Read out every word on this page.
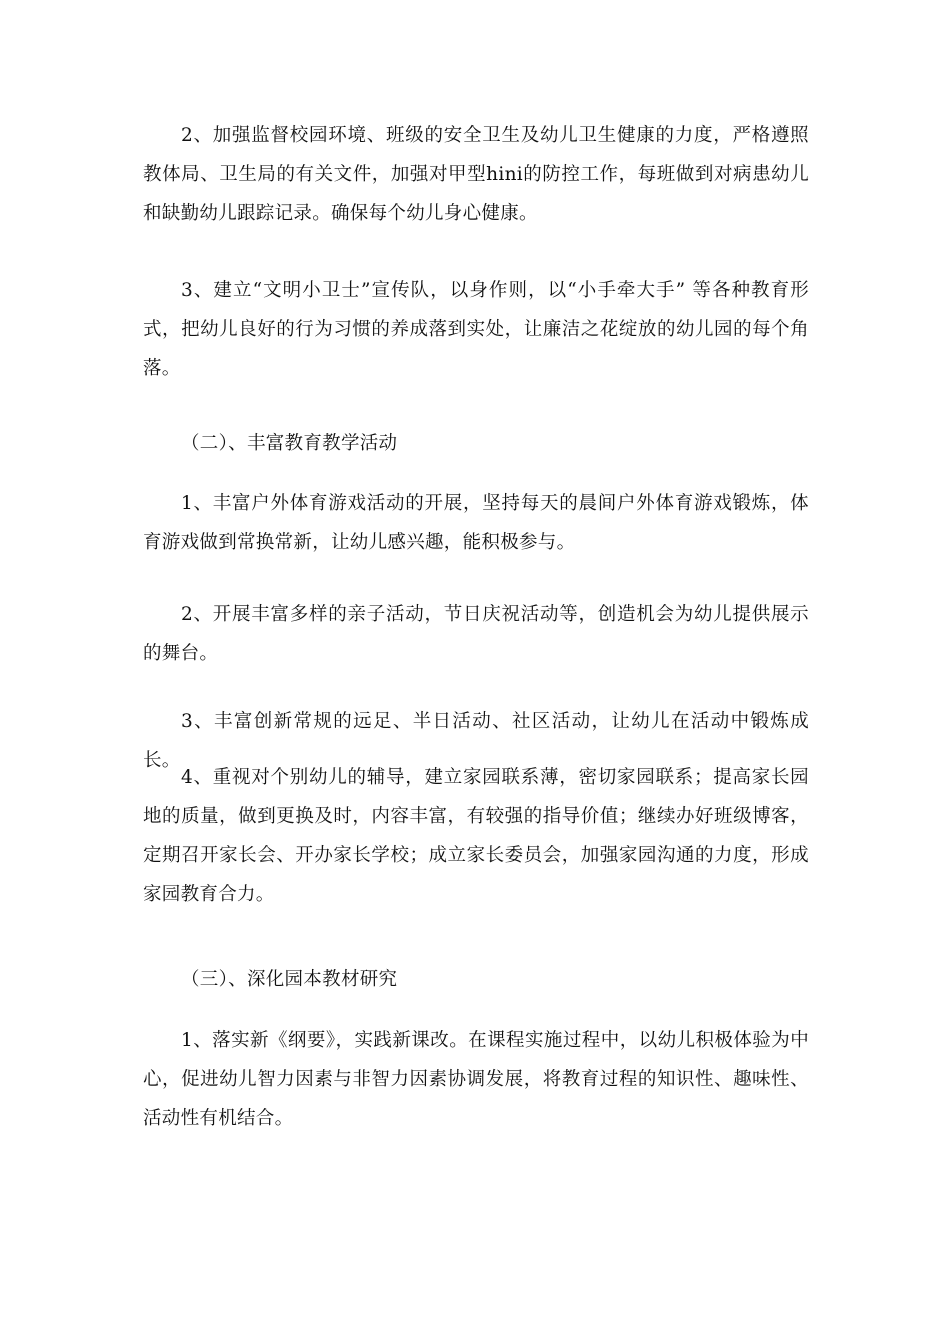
2、加强监督校园环境、班级的安全卫生及幼儿卫生健康的力度，严格遵照教体局、卫生局的有关文件，加强对甲型hini的防控工作，每班做到对病患幼儿和缺勤幼儿跟踪记录。确保每个幼儿身心健康。

3、建立“文明小卫士”宣传队，以身作则，以“小手牵大手” 等各种教育形式，把幼儿良好的行为习惯的养成落到实处，让廉洁之花绽放的幼儿园的每个角落。

（二）、丰富教育教学活动

1、丰富户外体育游戏活动的开展，坚持每天的晨间户外体育游戏锻炼，体育游戏做到常换常新，让幼儿感兴趣，能积极参与。

2、开展丰富多样的亲子活动，节日庆祝活动等，创造机会为幼儿提供展示的舞台。

3、丰富创新常规的远足、半日活动、社区活动，让幼儿在活动中锻炼成长。

4、重视对个别幼儿的辅导，建立家园联系薄，密切家园联系；提高家长园地的质量，做到更换及时，内容丰富，有较强的指导价值；继续办好班级博客，定期召开家长会、开办家长学校；成立家长委员会，加强家园沟通的力度，形成家园教育合力。

（三）、深化园本教材研究

1、落实新《纲要》，实践新课改。在课程实施过程中，以幼儿积极体验为中心，促进幼儿智力因素与非智力因素协调发展，将教育过程的知识性、趣味性、活动性有机结合。
